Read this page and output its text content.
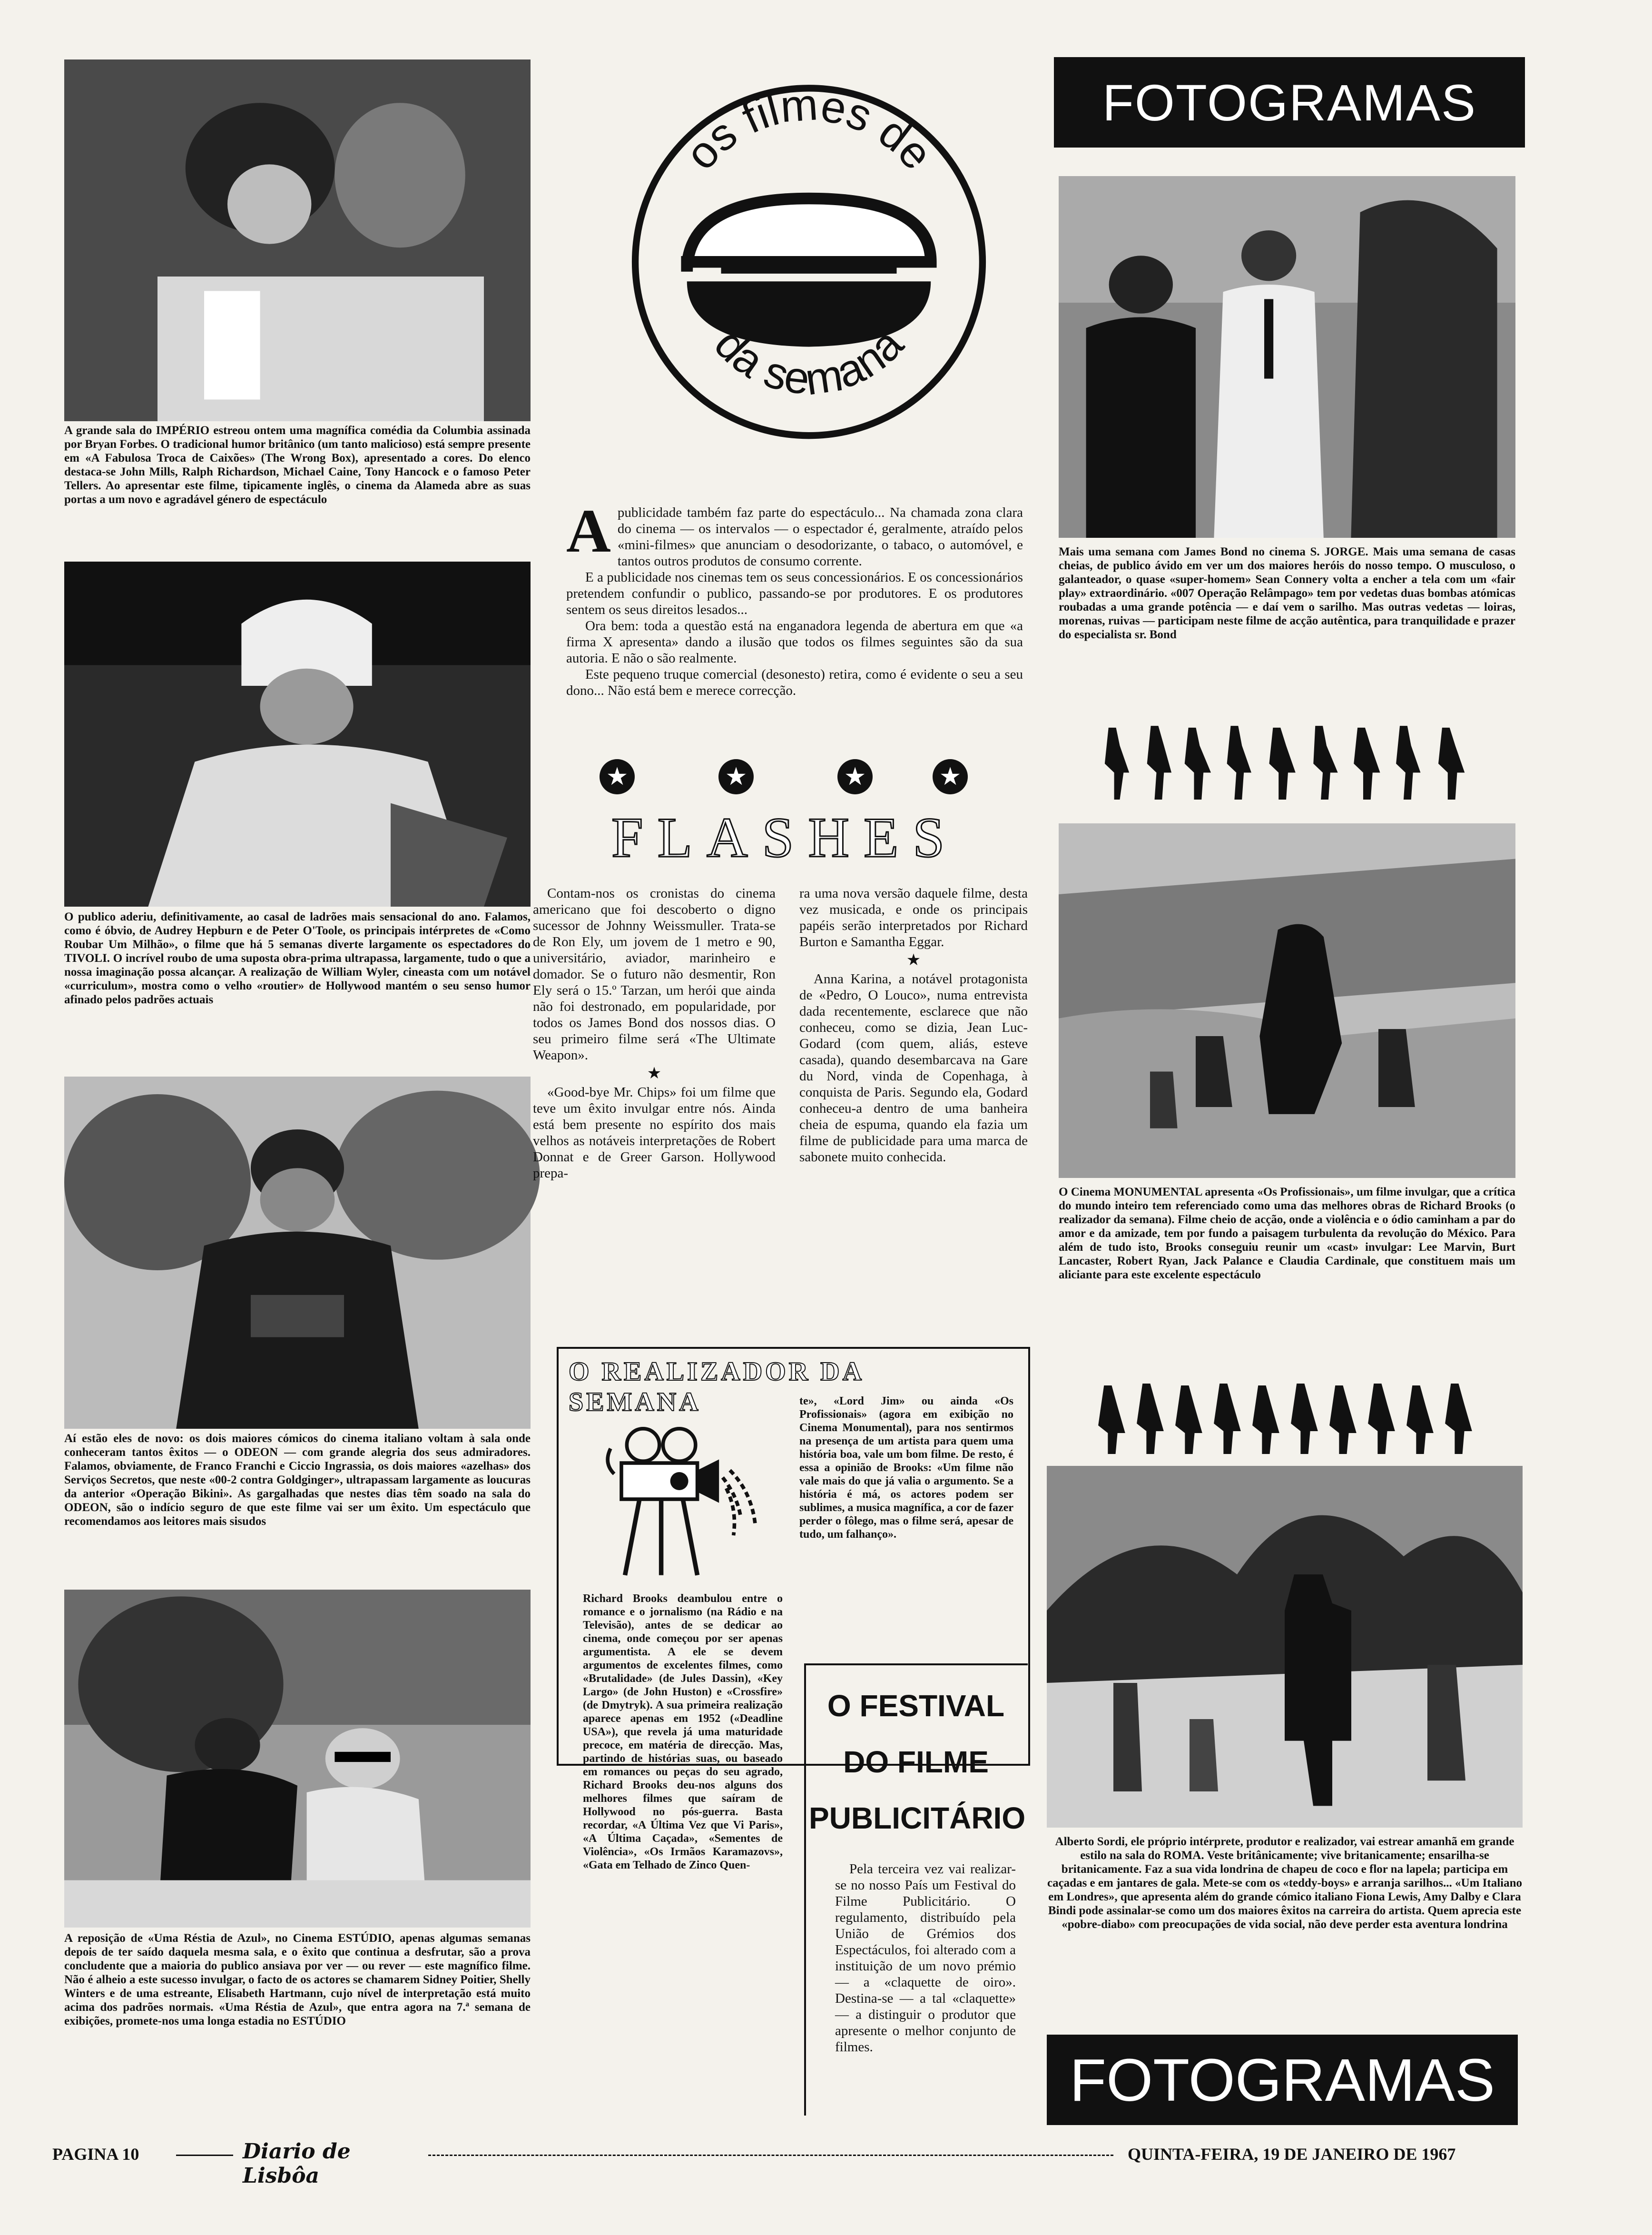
A grande sala do IMPÉRIO estreou ontem uma magnífica comédia da Columbia assinada por Bryan Forbes. O tradicional humor britânico (um tanto malicioso) está sempre presente em «A Fabulosa Troca de Caixões» (The Wrong Box), apresentado a cores. Do elenco destaca-se John Mills, Ralph Richardson, Michael Caine, Tony Hancock e o famoso Peter Tellers. Ao apresentar este filme, tipicamente inglês, o cinema da Alameda abre as suas portas a um novo e agradável género de espectáculo
O publico aderiu, definitivamente, ao casal de ladrões mais sensacional do ano. Falamos, como é óbvio, de Audrey Hepburn e de Peter O'Toole, os principais intérpretes de «Como Roubar Um Milhão», o filme que há 5 semanas diverte largamente os espectadores do TIVOLI. O incrível roubo de uma suposta obra-prima ultrapassa, largamente, tudo o que a nossa imaginação possa alcançar. A realização de William Wyler, cineasta com um notável «curriculum», mostra como o velho «routier» de Hollywood mantém o seu senso humor afinado pelos padrões actuais
Aí estão eles de novo: os dois maiores cómicos do cinema italiano voltam à sala onde conheceram tantos êxitos — o ODEON — com grande alegria dos seus admiradores. Falamos, obviamente, de Franco Franchi e Ciccio Ingrassia, os dois maiores «azelhas» dos Serviços Secretos, que neste «00-2 contra Goldginger», ultrapassam largamente as loucuras da anterior «Operação Bikini». As gargalhadas que nestes dias têm soado na sala do ODEON, são o indício seguro de que este filme vai ser um êxito. Um espectáculo que recomendamos aos leitores mais sisudos
A reposição de «Uma Réstia de Azul», no Cinema ESTÚDIO, apenas algumas semanas depois de ter saído daquela mesma sala, e o êxito que continua a desfrutar, são a prova concludente que a maioria do publico ansiava por ver — ou rever — este magnífico filme. Não é alheio a este sucesso invulgar, o facto de os actores se chamarem Sidney Poitier, Shelly Winters e de uma estreante, Elisabeth Hartmann, cujo nível de interpretação está muito acima dos padrões normais. «Uma Réstia de Azul», que entra agora na 7.ª semana de exibições, promete-nos uma longa estadia no ESTÚDIO
os filmes de
da semana
A publicidade também faz parte do espectáculo... Na chamada zona clara do cinema — os intervalos — o espectador é, geralmente, atraído pelos «mini-filmes» que anunciam o desodorizante, o tabaco, o automóvel, e tantos outros produtos de consumo corrente.

E a publicidade nos cinemas tem os seus concessionários. E os concessionários pretendem confundir o publico, passando-se por produtores. E os produtores sentem os seus direitos lesados...

Ora bem: toda a questão está na enganadora legenda de abertura em que «a firma X apresenta» dando a ilusão que todos os filmes seguintes são da sua autoria. E não o são realmente.

Este pequeno truque comercial (desonesto) retira, como é evidente o seu a seu dono... Não está bem e merece correcção.

★	★	★	★
FLASHES

Contam-nos os cronistas do cinema americano que foi descoberto o digno sucessor de Johnny Weissmuller. Trata-se de Ron Ely, um jovem de 1 metro e 90, universitário, aviador, marinheiro e domador. Se o futuro não desmentir, Ron Ely será o 15.º Tarzan, um herói que ainda não foi destronado, em popularidade, por todos os James Bond dos nossos dias. O seu primeiro filme será «The Ultimate Weapon».

★

«Good-bye Mr. Chips» foi um filme que teve um êxito invulgar entre nós. Ainda está bem presente no espírito dos mais velhos as notáveis interpretações de Robert Donnat e de Greer Garson. Hollywood prepa-

ra uma nova versão daquele filme, desta vez musicada, e onde os principais papéis serão interpretados por Richard Burton e Samantha Eggar.

★

Anna Karina, a notável protagonista de «Pedro, O Louco», numa entrevista dada recentemente, esclarece que não conheceu, como se dizia, Jean Luc-Godard (com quem, aliás, esteve casada), quando desembarcava na Gare du Nord, vinda de Copenhaga, à conquista de Paris. Segundo ela, Godard conheceu-a dentro de uma banheira cheia de espuma, quando ela fazia um filme de publicidade para uma marca de sabonete muito conhecida.

O REALIZADOR DA SEMANA
Richard Brooks deambulou entre o romance e o jornalismo (na Rádio e na Televisão), antes de se dedicar ao cinema, onde começou por ser apenas argumentista. A ele se devem argumentos de excelentes filmes, como «Brutalidade» (de Jules Dassin), «Key Largo» (de John Huston) e «Crossfire» (de Dmytryk). A sua primeira realização aparece apenas em 1952 («Deadline USA»), que revela já uma maturidade precoce, em matéria de direcção. Mas, partindo de histórias suas, ou baseado em romances ou peças do seu agrado, Richard Brooks deu-nos alguns dos melhores filmes que saíram de Hollywood no pós-guerra. Basta recordar, «A Última Vez que Vi Paris», «A Última Caçada», «Sementes de Violência», «Os Irmãos Karamazovs», «Gata em Telhado de Zinco Quen-
te», «Lord Jim» ou ainda «Os Profissionais» (agora em exibição no Cinema Monumental), para nos sentirmos na presença de um artista para quem uma história boa, vale um bom filme. De resto, é essa a opinião de Brooks: «Um filme não vale mais do que já valia o argumento. Se a história é má, os actores podem ser sublimes, a musica magnífica, a cor de fazer perder o fôlego, mas o filme será, apesar de tudo, um falhanço».
O FESTIVAL
DO FILME
PUBLICITÁRIO
Pela terceira vez vai realizar-se no nosso País um Festival do Filme Publicitário. O regulamento, distribuído pela União de Grémios dos Espectáculos, foi alterado com a instituição de um novo prémio — a «claquette de oiro». Destina-se — a tal «claquette» — a distinguir o produtor que apresente o melhor conjunto de filmes.
FOTOGRAMAS
Mais uma semana com James Bond no cinema S. JORGE. Mais uma semana de casas cheias, de publico ávido em ver um dos maiores heróis do nosso tempo. O musculoso, o galanteador, o quase «super-homem» Sean Connery volta a encher a tela com um «fair play» extraordinário. «007 Operação Relâmpago» tem por vedetas duas bombas atómicas roubadas a uma grande potência — e daí vem o sarilho. Mas outras vedetas — loiras, morenas, ruivas — participam neste filme de acção autêntica, para tranquilidade e prazer do especialista sr. Bond
O Cinema MONUMENTAL apresenta «Os Profissionais», um filme invulgar, que a crítica do mundo inteiro tem referenciado como uma das melhores obras de Richard Brooks (o realizador da semana). Filme cheio de acção, onde a violência e o ódio caminham a par do amor e da amizade, tem por fundo a paisagem turbulenta da revolução do México. Para além de tudo isto, Brooks conseguiu reunir um «cast» invulgar: Lee Marvin, Burt Lancaster, Robert Ryan, Jack Palance e Claudia Cardinale, que constituem mais um aliciante para este excelente espectáculo
Alberto Sordi, ele próprio intérprete, produtor e realizador, vai estrear amanhã em grande estilo na sala do ROMA. Veste britânicamente; vive britanicamente; ensarilha-se britanicamente. Faz a sua vida londrina de chapeu de coco e flor na lapela; participa em caçadas e em jantares de gala. Mete-se com os «teddy-boys» e arranja sarilhos... «Um Italiano em Londres», que apresenta além do grande cómico italiano Fiona Lewis, Amy Dalby e Clara Bindi pode assinalar-se como um dos maiores êxitos na carreira do artista. Quem aprecia este «pobre-diabo» com preocupações de vida social, não deve perder esta aventura londrina
FOTOGRAMAS
PAGINA 10	Diario de Lisbôa
QUINTA-FEIRA, 19 DE JANEIRO DE 1967
